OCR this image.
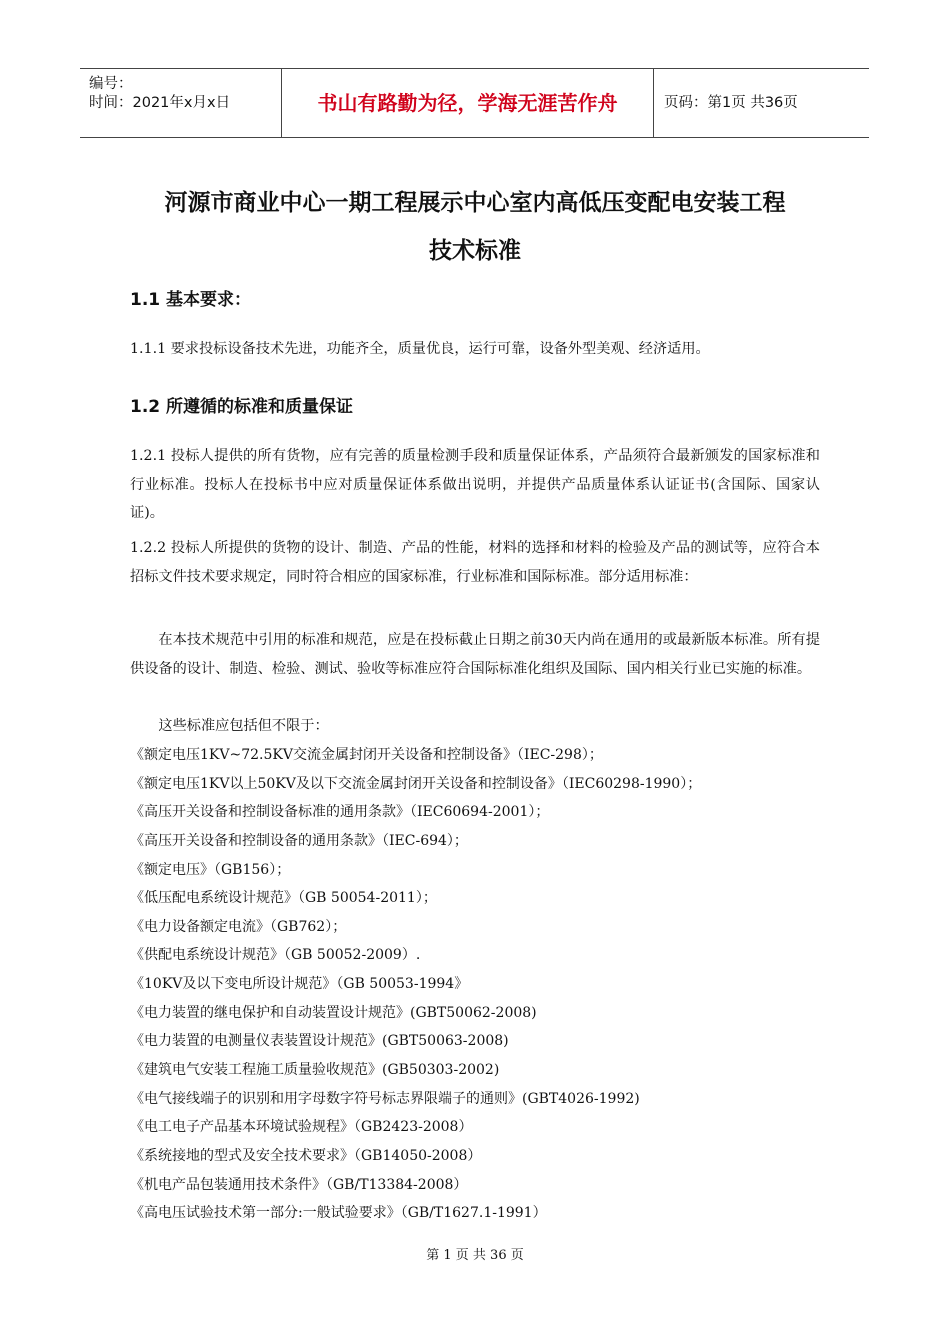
编号：
时间：2021年x月x日	书山有路勤为径，学海无涯苦作舟	页码：第1页 共36页
河源市商业中心一期工程展示中心室内高低压变配电安装工程
技术标准
1.1 基本要求：
1.1.1 要求投标设备技术先进，功能齐全，质量优良，运行可靠，设备外型美观、经济适用。
1.2 所遵循的标准和质量保证
1.2.1 投标人提供的所有货物，应有完善的质量检测手段和质量保证体系，产品须符合最新颁发的国家标准和行业标准。投标人在投标书中应对质量保证体系做出说明，并提供产品质量体系认证证书(含国际、国家认证)。
1.2.2 投标人所提供的货物的设计、制造、产品的性能，材料的选择和材料的检验及产品的测试等，应符合本招标文件技术要求规定，同时符合相应的国家标准，行业标准和国际标准。部分适用标准：
在本技术规范中引用的标准和规范，应是在投标截止日期之前30天内尚在通用的或最新版本标准。所有提供设备的设计、制造、检验、测试、验收等标准应符合国际标准化组织及国际、国内相关行业已实施的标准。
这些标准应包括但不限于：
《额定电压1KV~72.5KV交流金属封闭开关设备和控制设备》（IEC-298）；
《额定电压1KV以上50KV及以下交流金属封闭开关设备和控制设备》（IEC60298-1990）；
《高压开关设备和控制设备标准的通用条款》（IEC60694-2001）；
《高压开关设备和控制设备的通用条款》（IEC-694）；
《额定电压》（GB156）；
《低压配电系统设计规范》（GB 50054-2011）；
《电力设备额定电流》（GB762）；
《供配电系统设计规范》（GB 50052-2009）.
《10KV及以下变电所设计规范》（GB 50053-1994》
《电力装置的继电保护和自动装置设计规范》(GBT50062-2008)
《电力装置的电测量仪表装置设计规范》(GBT50063-2008)
《建筑电气安装工程施工质量验收规范》(GB50303-2002)
《电气接线端子的识别和用字母数字符号标志界限端子的通则》(GBT4026-1992)
《电工电子产品基本环境试验规程》（GB2423-2008）
《系统接地的型式及安全技术要求》（GB14050-2008）
《机电产品包装通用技术条件》（GB/T13384-2008）
《高电压试验技术第一部分:一般试验要求》（GB/T1627.1-1991）
第 1 页 共 36 页
